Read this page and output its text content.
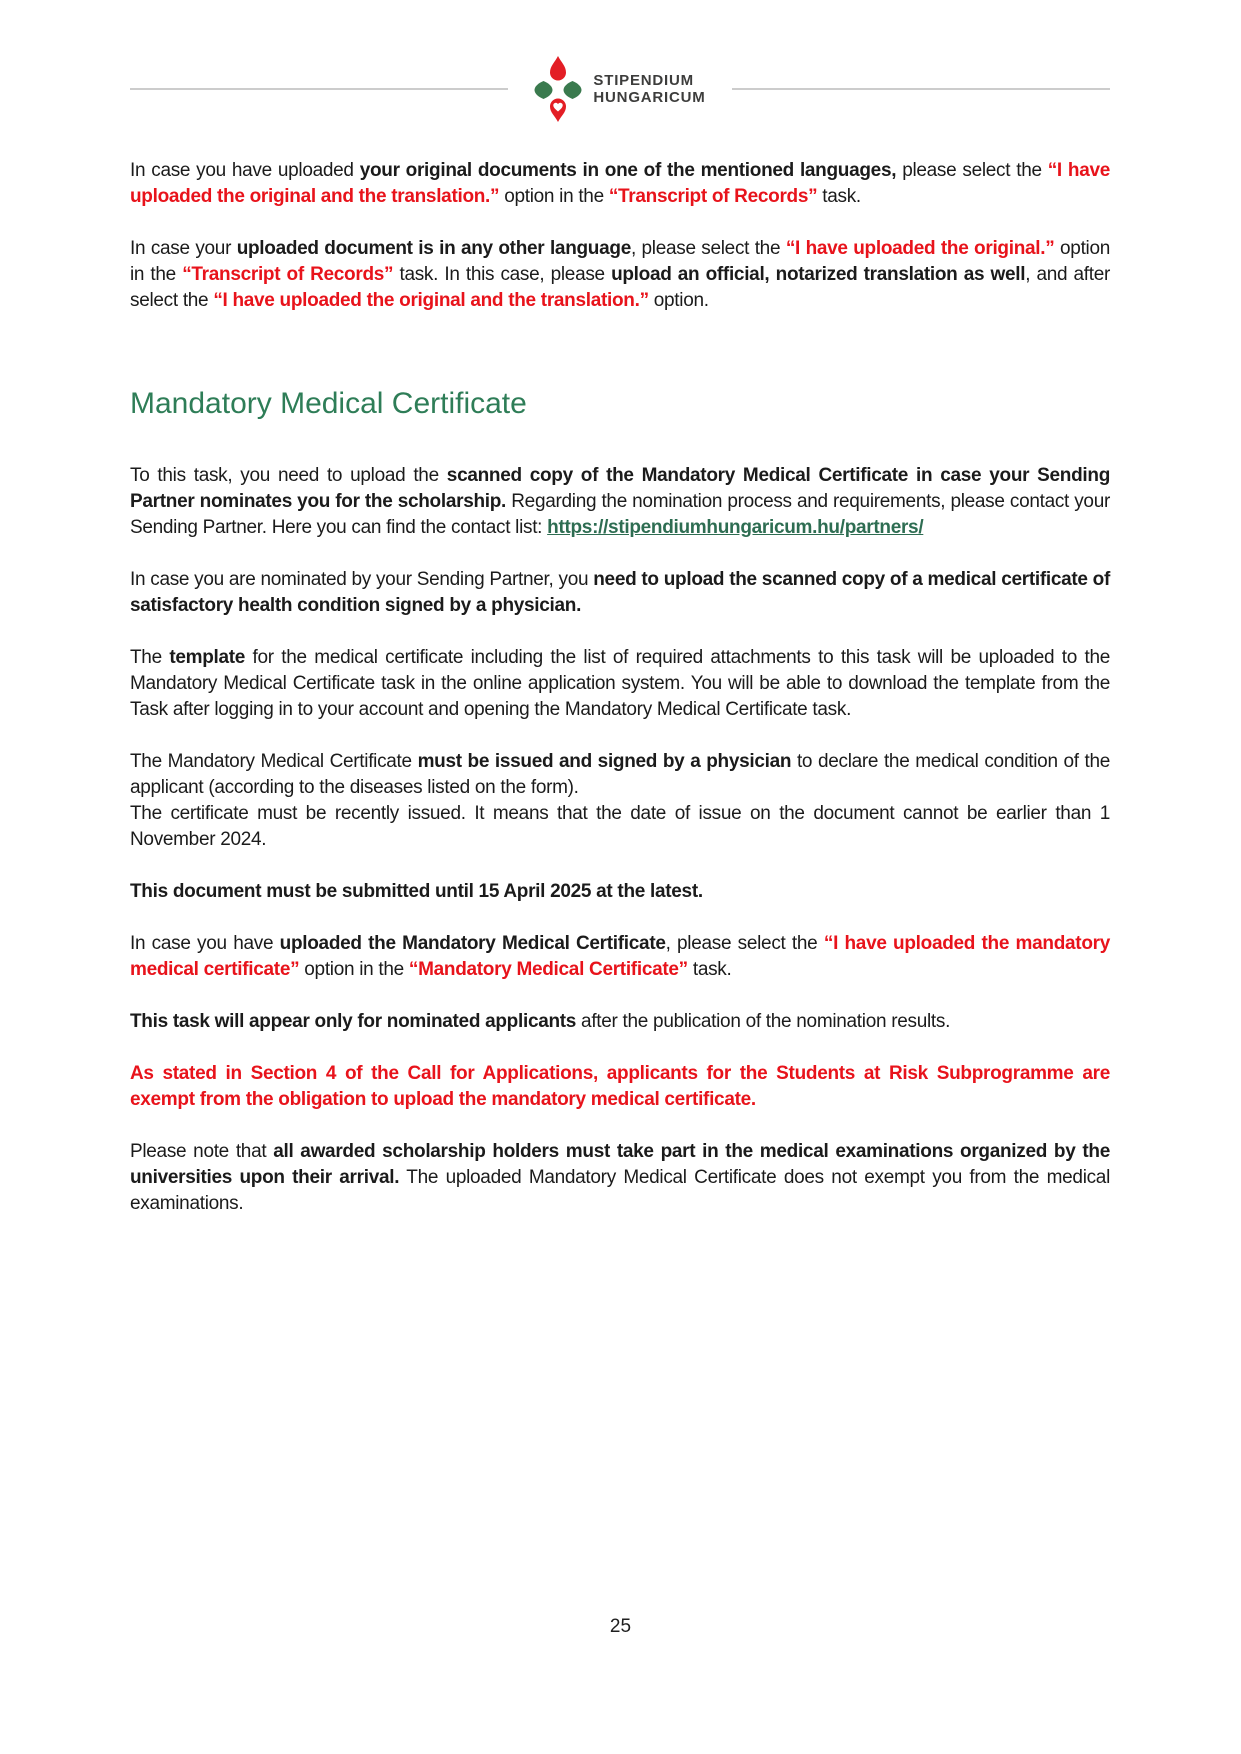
STIPENDIUM
HUNGARICUM

In case you have uploaded your original documents in one of the mentioned languages, please select the “I have uploaded the original and the translation.” option in the “Transcript of Records” task.

In case your uploaded document is in any other language, please select the “I have uploaded the original.” option in the “Transcript of Records” task. In this case, please upload an official, notarized translation as well, and after select the “I have uploaded the original and the translation.” option.

Mandatory Medical Certificate

To this task, you need to upload the scanned copy of the Mandatory Medical Certificate in case your Sending Partner nominates you for the scholarship. Regarding the nomination process and requirements, please contact your Sending Partner. Here you can find the contact list: https://stipendiumhungaricum.hu/partners/

In case you are nominated by your Sending Partner, you need to upload the scanned copy of a medical certificate of satisfactory health condition signed by a physician.

The template for the medical certificate including the list of required attachments to this task will be uploaded to the Mandatory Medical Certificate task in the online application system. You will be able to download the template from the Task after logging in to your account and opening the Mandatory Medical Certificate task.

The Mandatory Medical Certificate must be issued and signed by a physician to declare the medical condition of the applicant (according to the diseases listed on the form).

The certificate must be recently issued. It means that the date of issue on the document cannot be earlier than 1 November 2024.

This document must be submitted until 15 April 2025 at the latest.

In case you have uploaded the Mandatory Medical Certificate, please select the “I have uploaded the mandatory medical certificate” option in the “Mandatory Medical Certificate” task.

This task will appear only for nominated applicants after the publication of the nomination results.

As stated in Section 4 of the Call for Applications, applicants for the Students at Risk Subprogramme are exempt from the obligation to upload the mandatory medical certificate.

Please note that all awarded scholarship holders must take part in the medical examinations organized by the universities upon their arrival. The uploaded Mandatory Medical Certificate does not exempt you from the medical examinations.

25
